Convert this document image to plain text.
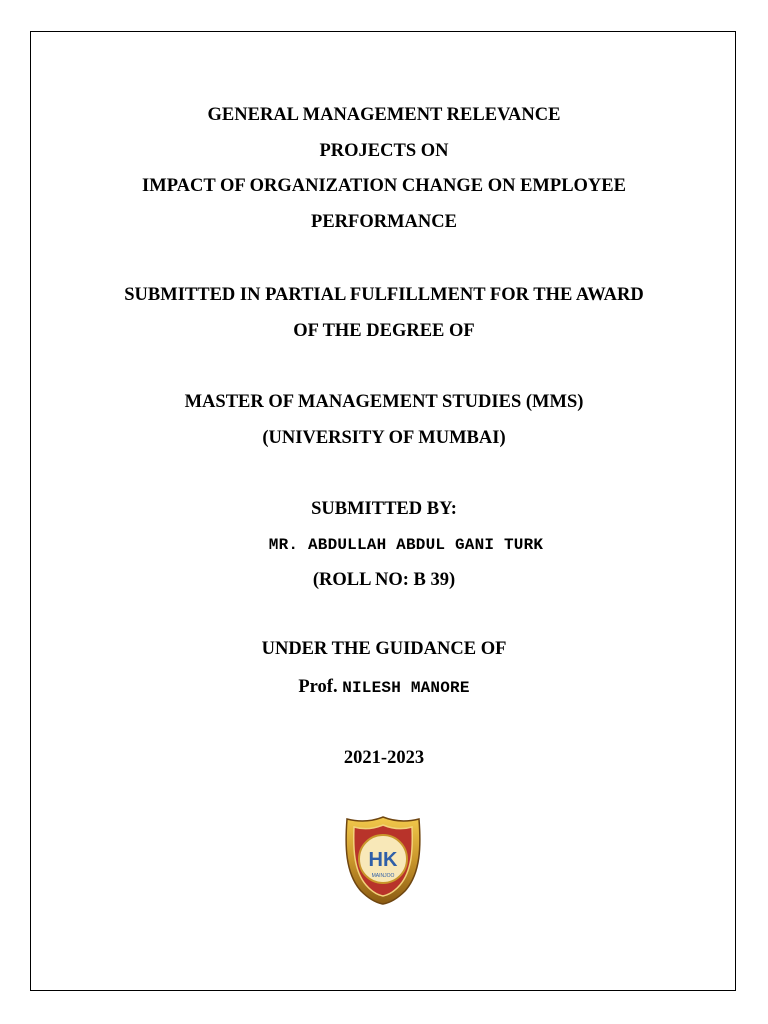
GENERAL MANAGEMENT RELEVANCE
PROJECTS ON
IMPACT OF ORGANIZATION CHANGE ON EMPLOYEE
PERFORMANCE
SUBMITTED IN PARTIAL FULFILLMENT FOR THE AWARD
OF THE DEGREE OF
MASTER OF MANAGEMENT STUDIES (MMS)
(UNIVERSITY OF MUMBAI)
SUBMITTED BY:
MR. ABDULLAH ABDUL GANI TURK
(ROLL NO: B 39)
UNDER THE GUIDANCE OF
Prof. NILESH MANORE
2021-2023
HK
MAINJOO
